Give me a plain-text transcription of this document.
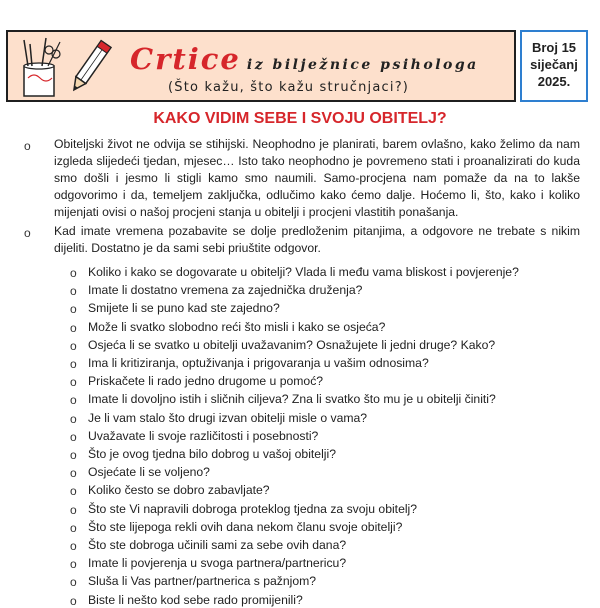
Crtice iz bilježnice psihologa
(Što kažu, što kažu stručnjaci?)
Broj 15
siječanj
2025.
KAKO VIDIM SEBE I SVOJU OBITELJ?
o Obiteljski život ne odvija se stihijski. Neophodno je planirati, barem ovlašno, kako želimo da nam izgleda slijedeći tjedan, mjesec… Isto tako neophodno je povremeno stati i proanalizirati do kuda smo došli i jesmo li stigli kamo smo naumili. Samo-procjena nam pomaže da na to lakše odgovorimo i da, temeljem zaključka, odlučimo kako ćemo dalje. Hoćemo li, što, kako i koliko mijenjati ovisi o našoj procjeni stanja u obitelji i procjeni vlastitih ponašanja.
o Kad imate vremena pozabavite se dolje predloženim pitanjima, a odgovore ne trebate s nikim dijeliti. Dostatno je da sami sebi priuštite odgovor.
o Koliko i kako se dogovarate u obitelji? Vlada li među vama bliskost i povjerenje?
o Imate li dostatno vremena za zajednička druženja?
o Smijete li se puno kad ste zajedno?
o Može li svatko slobodno reći što misli i kako se osjeća?
o Osjeća li se svatko u obitelji uvažavanim? Osnažujete li jedni druge? Kako?
o Ima li kritiziranja, optuživanja i prigovaranja u vašim odnosima?
o Priskačete li rado jedno drugome u pomoć?
o Imate li dovoljno istih i sličnih ciljeva? Zna li svatko što mu je u obitelji činiti?
o Je li vam stalo što drugi izvan obitelji misle o vama?
o Uvažavate li svoje različitosti i posebnosti?
o Što je ovog tjedna bilo dobrog u vašoj obitelji?
o Osjećate li se voljeno?
o Koliko često se dobro zabavljate?
o Što ste Vi napravili dobroga proteklog tjedna za svoju obitelj?
o Što ste lijepoga rekli ovih dana nekom članu svoje obitelji?
o Što ste dobroga učinili sami za sebe ovih dana?
o Imate li povjerenja u svoga partnera/partnericu?
o Sluša li Vas partner/partnerica s pažnjom?
o Biste li nešto kod sebe rado promijenili?
